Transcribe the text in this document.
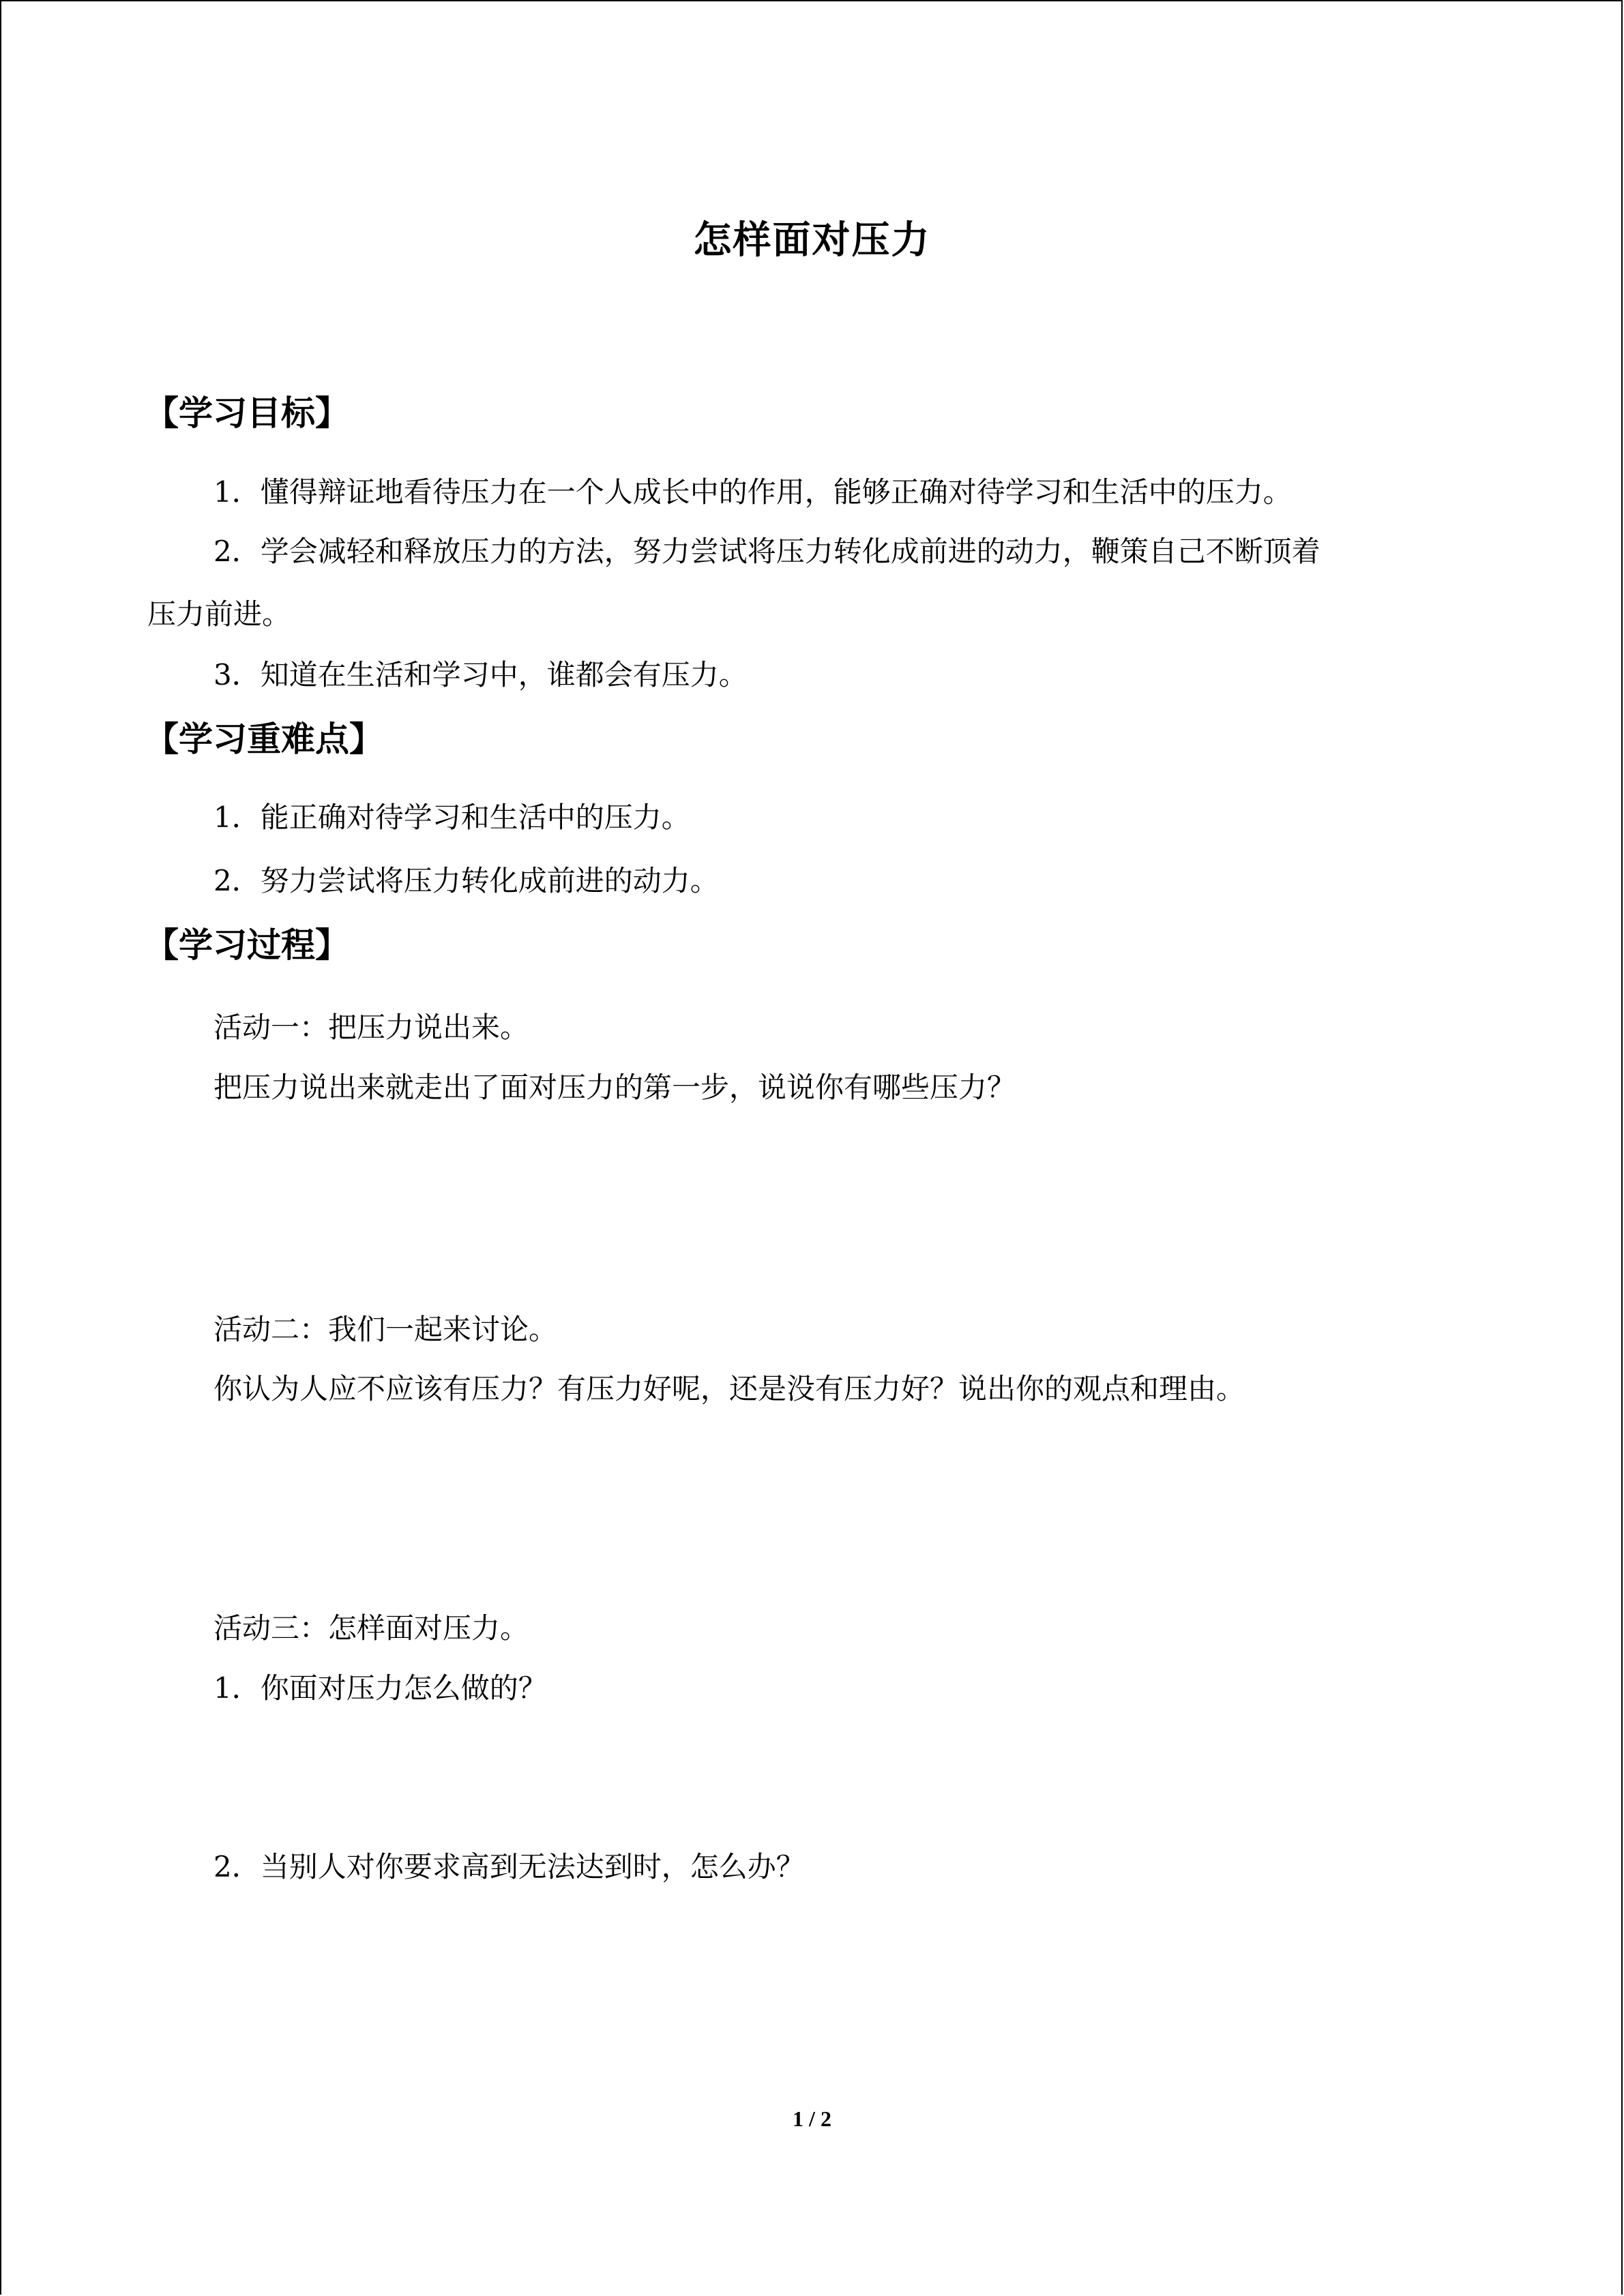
怎样面对压力
【学习目标】
1．懂得辩证地看待压力在一个人成长中的作用，能够正确对待学习和生活中的压力。
2．学会减轻和释放压力的方法，努力尝试将压力转化成前进的动力，鞭策自己不断顶着
压力前进。
3．知道在生活和学习中，谁都会有压力。
【学习重难点】
1．能正确对待学习和生活中的压力。
2．努力尝试将压力转化成前进的动力。
【学习过程】
活动一：把压力说出来。
把压力说出来就走出了面对压力的第一步，说说你有哪些压力？
活动二：我们一起来讨论。
你认为人应不应该有压力？有压力好呢，还是没有压力好？说出你的观点和理由。
活动三：怎样面对压力。
1．你面对压力怎么做的？
2．当别人对你要求高到无法达到时，怎么办？
1 / 2
